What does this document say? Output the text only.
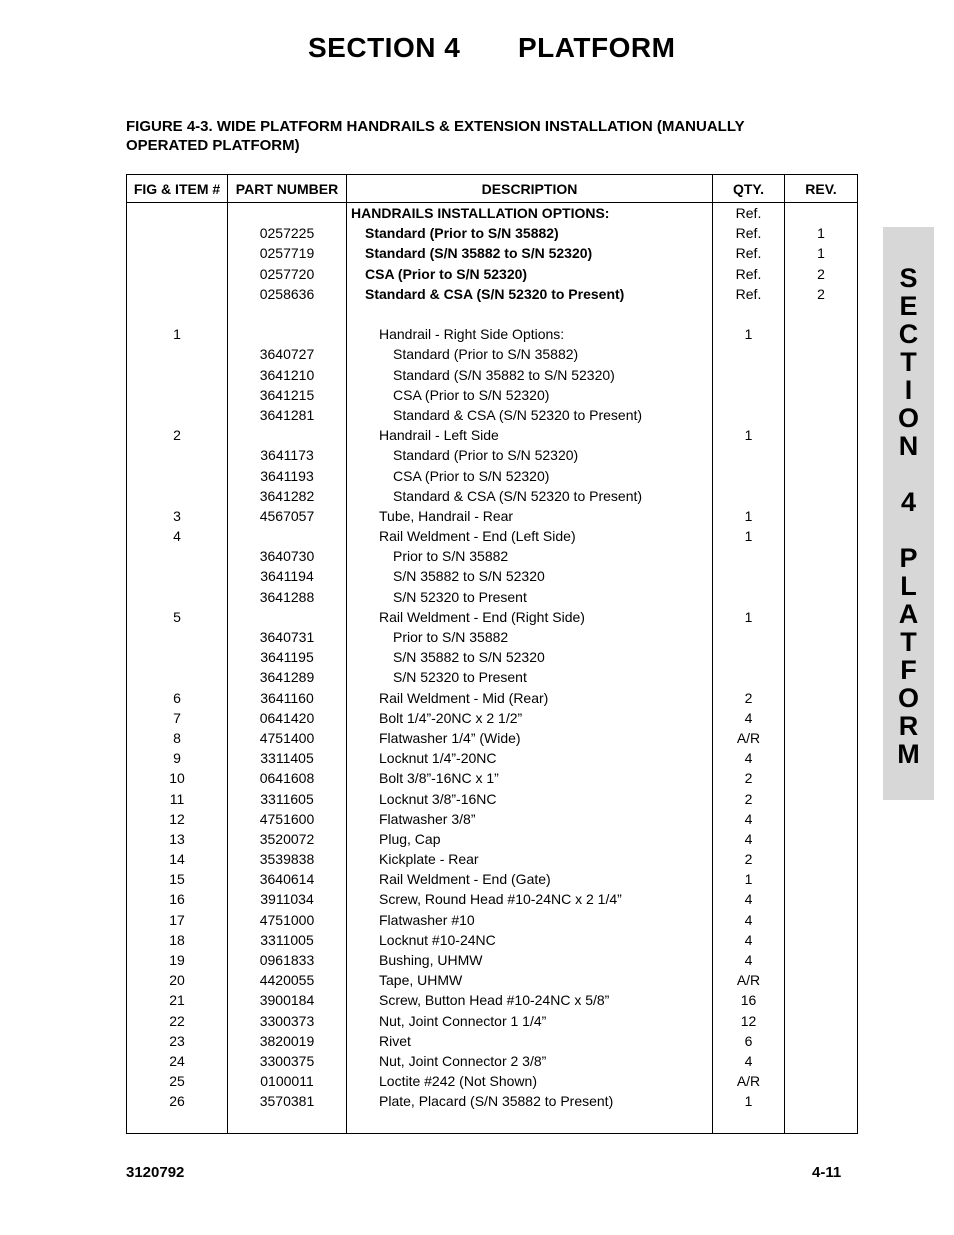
SECTION 4 PLATFORM
FIGURE 4-3. WIDE PLATFORM HANDRAILS & EXTENSION INSTALLATION (MANUALLY OPERATED PLATFORM)
FIG & ITEM #	PART NUMBER	DESCRIPTION	QTY.	REV.
		HANDRAILS INSTALLATION OPTIONS:	Ref.	
	0257225	Standard (Prior to S/N 35882)	Ref.	1
	0257719	Standard (S/N 35882 to S/N 52320)	Ref.	1
	0257720	CSA (Prior to S/N 52320)	Ref.	2
	0258636	Standard & CSA (S/N 52320 to Present)	Ref.	2

1		Handrail - Right Side Options:	1	
	3640727	Standard (Prior to S/N 35882)		
	3641210	Standard (S/N 35882 to S/N 52320)		
	3641215	CSA (Prior to S/N 52320)		
	3641281	Standard & CSA (S/N 52320 to Present)		
2		Handrail - Left Side	1	
	3641173	Standard (Prior to S/N 52320)		
	3641193	CSA (Prior to S/N 52320)		
	3641282	Standard & CSA (S/N 52320 to Present)		
3	4567057	Tube, Handrail - Rear	1	
4		Rail Weldment - End (Left Side)	1	
	3640730	Prior to S/N 35882		
	3641194	S/N 35882 to S/N 52320		
	3641288	S/N 52320 to Present		
5		Rail Weldment - End (Right Side)	1	
	3640731	Prior to S/N 35882		
	3641195	S/N 35882 to S/N 52320		
	3641289	S/N 52320 to Present		
6	3641160	Rail Weldment - Mid (Rear)	2	
7	0641420	Bolt 1/4”-20NC x 2 1/2”	4	
8	4751400	Flatwasher 1/4” (Wide)	A/R	
9	3311405	Locknut 1/4”-20NC	4	
10	0641608	Bolt 3/8”-16NC x 1”	2	
11	3311605	Locknut 3/8”-16NC	2	
12	4751600	Flatwasher 3/8”	4	
13	3520072	Plug, Cap	4	
14	3539838	Kickplate - Rear	2	
15	3640614	Rail Weldment - End (Gate)	1	
16	3911034	Screw, Round Head #10-24NC x 2 1/4”	4	
17	4751000	Flatwasher #10	4	
18	3311005	Locknut #10-24NC	4	
19	0961833	Bushing, UHMW	4	
20	4420055	Tape, UHMW	A/R	
21	3900184	Screw, Button Head #10-24NC x 5/8”	16	
22	3300373	Nut, Joint Connector 1 1/4”	12	
23	3820019	Rivet	6	
24	3300375	Nut, Joint Connector 2 3/8”	4	
25	0100011	Loctite #242 (Not Shown)	A/R	
26	3570381	Plate, Placard (S/N 35882 to Present)	1	

S
E
C
T
I
O
N
4
P
L
A
T
F
O
R
M
3120792	4-11
